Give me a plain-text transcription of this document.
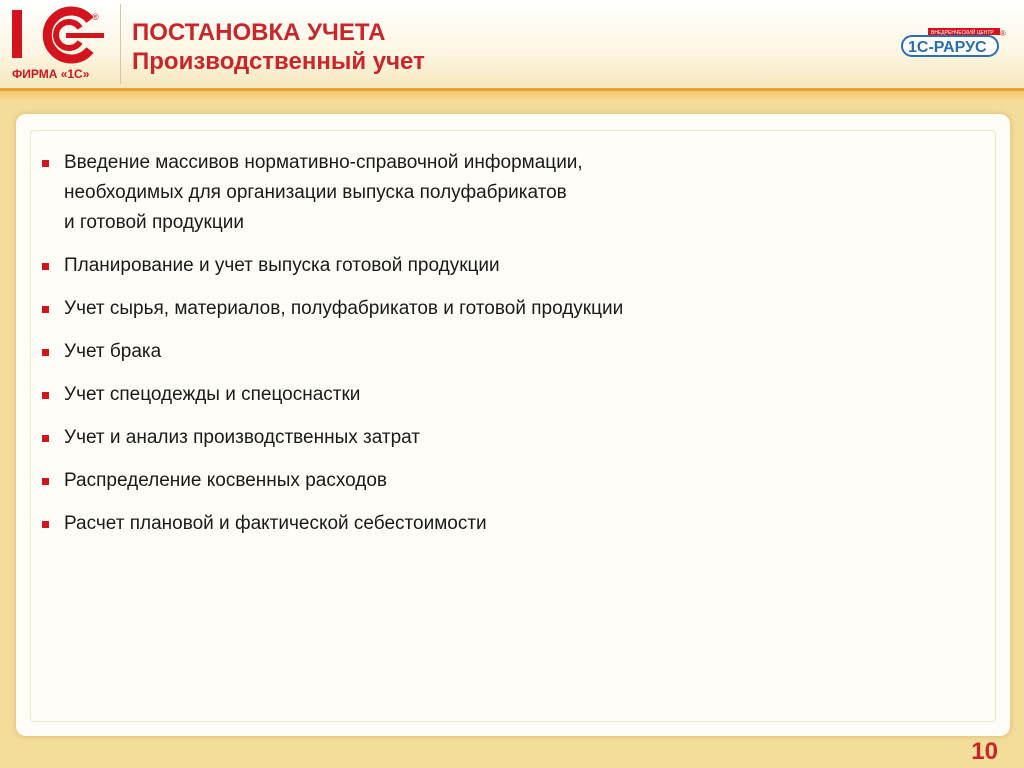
®
ФИРМА «1С»
ПОСТАНОВКА УЧЕТА
Производственный учет
ВНЕДРЕНЧЕСКИЙ ЦЕНТР
1С-РАРУС
®
Введение массивов нормативно-справочной информации,
необходимых для организации выпуска полуфабрикатов
и готовой продукции
Планирование и учет выпуска готовой продукции
Учет сырья, материалов, полуфабрикатов и готовой продукции
Учет брака
Учет спецодежды и спецоснастки
Учет и анализ производственных затрат
Распределение косвенных расходов
Расчет плановой и фактической себестоимости
10
